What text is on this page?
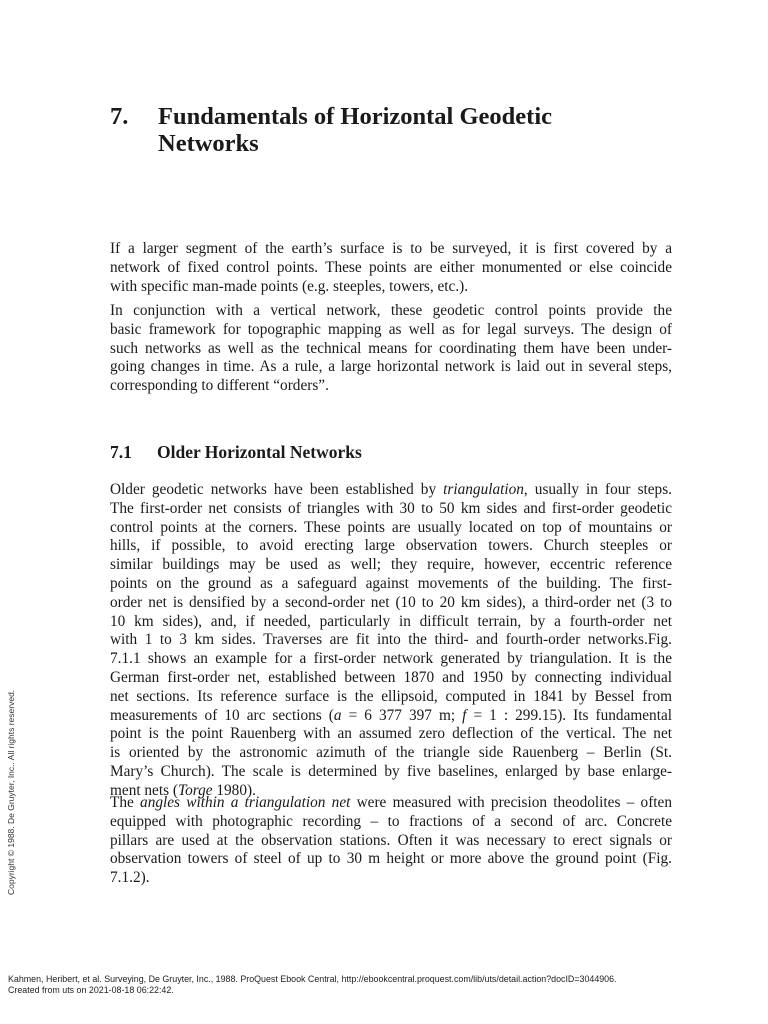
7.	Fundamentals of Horizontal Geodetic
Networks
If a larger segment of the earth’s surface is to be surveyed, it is first covered by a
network of fixed control points. These points are either monumented or else coincide
with specific man-made points (e.g. steeples, towers, etc.).
In conjunction with a vertical network, these geodetic control points provide the
basic framework for topographic mapping as well as for legal surveys. The design of
such networks as well as the technical means for coordinating them have been under-
going changes in time. As a rule, a large horizontal network is laid out in several steps,
corresponding to different “orders”.
7.1	Older Horizontal Networks
Older geodetic networks have been established by triangulation, usually in four steps.
The first-order net consists of triangles with 30 to 50 km sides and first-order geodetic
control points at the corners. These points are usually located on top of mountains or
hills, if possible, to avoid erecting large observation towers. Church steeples or
similar buildings may be used as well; they require, however, eccentric reference
points on the ground as a safeguard against movements of the building. The first-
order net is densified by a second-order net (10 to 20 km sides), a third-order net (3 to
10 km sides), and, if needed, particularly in difficult terrain, by a fourth-order net
with 1 to 3 km sides. Traverses are fit into the third- and fourth-order networks.Fig.
7.1.1 shows an example for a first-order network generated by triangulation. It is the
German first-order net, established between 1870 and 1950 by connecting individual
net sections. Its reference surface is the ellipsoid, computed in 1841 by Bessel from
measurements of 10 arc sections (a = 6 377 397 m; f = 1 : 299.15). Its fundamental
point is the point Rauenberg with an assumed zero deflection of the vertical. The net
is oriented by the astronomic azimuth of the triangle side Rauenberg – Berlin (St.
Mary’s Church). The scale is determined by five baselines, enlarged by base enlarge-
ment nets (Torge 1980).
The angles within a triangulation net were measured with precision theodolites – often
equipped with photographic recording – to fractions of a second of arc. Concrete
pillars are used at the observation stations. Often it was necessary to erect signals or
observation towers of steel of up to 30 m height or more above the ground point (Fig.
7.1.2).
Copyright © 1988. De Gruyter, Inc.. All rights reserved.
Kahmen, Heribert, et al. Surveying, De Gruyter, Inc., 1988. ProQuest Ebook Central, http://ebookcentral.proquest.com/lib/uts/detail.action?docID=3044906.
Created from uts on 2021-08-18 06:22:42.
